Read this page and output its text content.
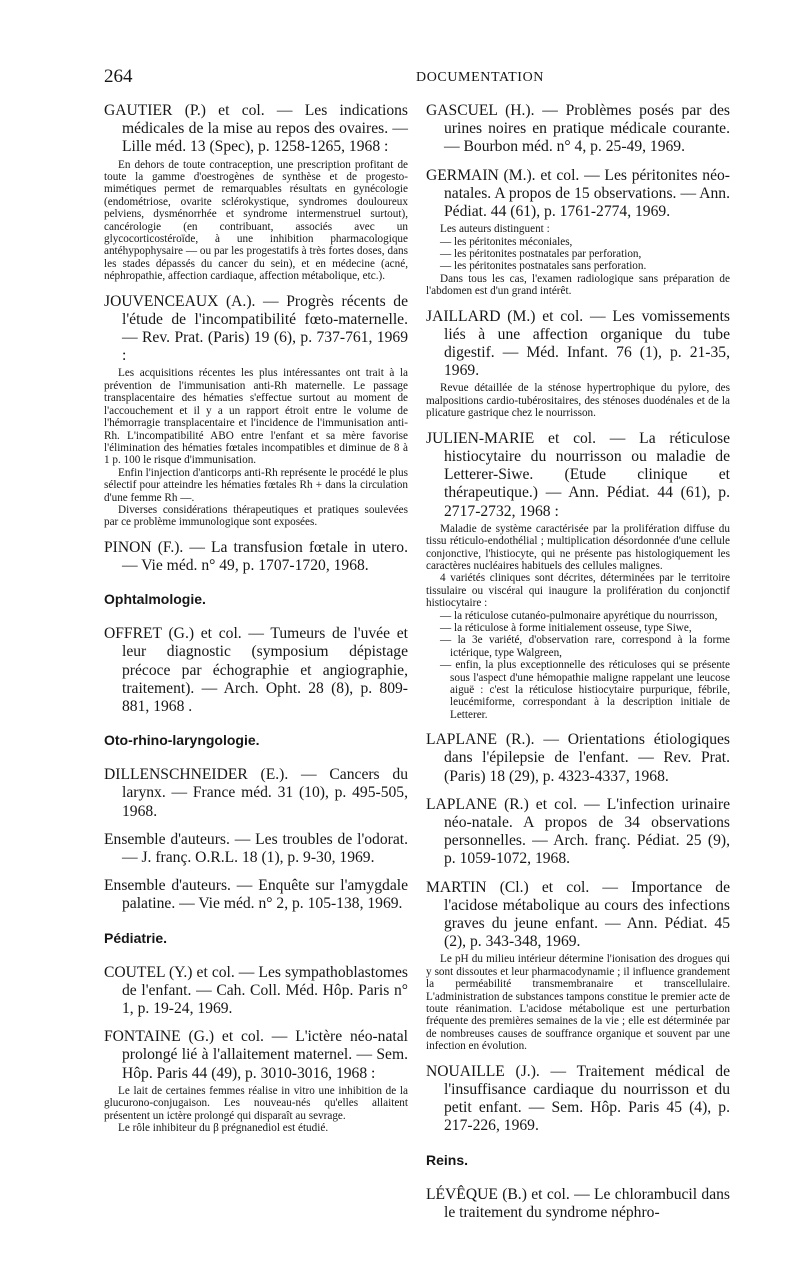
264	DOCUMENTATION

GAUTIER (P.) et col. — Les indications médicales de la mise au repos des ovaires. — Lille méd. 13 (Spec), p. 1258-1265, 1968 :

En dehors de toute contraception, une prescription profitant de toute la gamme d'oestrogènes de synthèse et de progesto-mimétiques permet de remarquables résultats en gynécologie (endométriose, ovarite sclérokystique, syndromes douloureux pelviens, dysménorrhée et syndrome intermenstruel surtout), cancérologie (en contribuant, associés avec un glycocorticostéroïde, à une inhibition pharmacologique antéhypophysaire — ou par les progestatifs à très fortes doses, dans les stades dépassés du cancer du sein), et en médecine (acné, néphropathie, affection cardiaque, affection métabolique, etc.).

JOUVENCEAUX (A.). — Progrès récents de l'étude de l'incompatibilité fœto-maternelle. — Rev. Prat. (Paris) 19 (6), p. 737-761, 1969 :

Les acquisitions récentes les plus intéressantes ont trait à la prévention de l'immunisation anti-Rh maternelle. Le passage transplacentaire des hématies s'effectue surtout au moment de l'accouchement et il y a un rapport étroit entre le volume de l'hémorragie transplacentaire et l'incidence de l'immunisation anti-Rh. L'incompatibilité ABO entre l'enfant et sa mère favorise l'élimination des hématies fœtales incompatibles et diminue de 8 à 1 p. 100 le risque d'immunisation.

Enfin l'injection d'anticorps anti-Rh représente le procédé le plus sélectif pour atteindre les hématies fœtales Rh + dans la circulation d'une femme Rh —.

Diverses considérations thérapeutiques et pratiques soulevées par ce problème immunologique sont exposées.

PINON (F.). — La transfusion fœtale in utero. — Vie méd. n° 49, p. 1707-1720, 1968.

Ophtalmologie.

OFFRET (G.) et col. — Tumeurs de l'uvée et leur diagnostic (symposium dépistage précoce par échographie et angiographie, traitement). — Arch. Opht. 28 (8), p. 809-881, 1968 .

Oto-rhino-laryngologie.

DILLENSCHNEIDER (E.). — Cancers du larynx. — France méd. 31 (10), p. 495-505, 1968.

Ensemble d'auteurs. — Les troubles de l'odorat. — J. franç. O.R.L. 18 (1), p. 9-30, 1969.

Ensemble d'auteurs. — Enquête sur l'amygdale palatine. — Vie méd. n° 2, p. 105-138, 1969.

Pédiatrie.

COUTEL (Y.) et col. — Les sympathoblastomes de l'enfant. — Cah. Coll. Méd. Hôp. Paris n° 1, p. 19-24, 1969.

FONTAINE (G.) et col. — L'ictère néo-natal prolongé lié à l'allaitement maternel. — Sem. Hôp. Paris 44 (49), p. 3010-3016, 1968 :

Le lait de certaines femmes réalise in vitro une inhibition de la glucurono-conjugaison. Les nouveau-nés qu'elles allaitent présentent un ictère prolongé qui disparaît au sevrage.

Le rôle inhibiteur du β prégnanediol est étudié.

GASCUEL (H.). — Problèmes posés par des urines noires en pratique médicale courante. — Bourbon méd. n° 4, p. 25-49, 1969.

GERMAIN (M.). et col. — Les péritonites néo-natales. A propos de 15 observations. — Ann. Pédiat. 44 (61), p. 1761-2774, 1969.

Les auteurs distinguent :

— les péritonites méconiales,
— les péritonites postnatales par perforation,
— les péritonites postnatales sans perforation.

Dans tous les cas, l'examen radiologique sans préparation de l'abdomen est d'un grand intérêt.

JAILLARD (M.) et col. — Les vomissements liés à une affection organique du tube digestif. — Méd. Infant. 76 (1), p. 21-35, 1969.

Revue détaillée de la sténose hypertrophique du pylore, des malpositions cardio-tubérositaires, des sténoses duodénales et de la plicature gastrique chez le nourrisson.

JULIEN-MARIE et col. — La réticulose histiocytaire du nourrisson ou maladie de Letterer-Siwe. (Etude clinique et thérapeutique.) — Ann. Pédiat. 44 (61), p. 2717-2732, 1968 :

Maladie de système caractérisée par la prolifération diffuse du tissu réticulo-endothélial ; multiplication désordonnée d'une cellule conjonctive, l'histiocyte, qui ne présente pas histologiquement les caractères nucléaires habituels des cellules malignes.

4 variétés cliniques sont décrites, déterminées par le territoire tissulaire ou viscéral qui inaugure la prolifération du conjonctif histiocytaire :

— la réticulose cutanéo-pulmonaire apyrétique du nourrisson,
— la réticulose à forme initialement osseuse, type Siwe,
— la 3e variété, d'observation rare, correspond à la forme ictérique, type Walgreen,
— enfin, la plus exceptionnelle des réticuloses qui se présente sous l'aspect d'une hémopathie maligne rappelant une leucose aiguë : c'est la réticulose histiocytaire purpurique, fébrile, leucémiforme, correspondant à la description initiale de Letterer.

LAPLANE (R.). — Orientations étiologiques dans l'épilepsie de l'enfant. — Rev. Prat. (Paris) 18 (29), p. 4323-4337, 1968.

LAPLANE (R.) et col. — L'infection urinaire néo-natale. A propos de 34 observations personnelles. — Arch. franç. Pédiat. 25 (9), p. 1059-1072, 1968.

MARTIN (Cl.) et col. — Importance de l'acidose métabolique au cours des infections graves du jeune enfant. — Ann. Pédiat. 45 (2), p. 343-348, 1969.

Le pH du milieu intérieur détermine l'ionisation des drogues qui y sont dissoutes et leur pharmacodynamie ; il influence grandement la perméabilité transmembranaire et transcellulaire. L'administration de substances tampons constitue le premier acte de toute réanimation. L'acidose métabolique est une perturbation fréquente des premières semaines de la vie ; elle est déterminée par de nombreuses causes de souffrance organique et souvent par une infection en évolution.

NOUAILLE (J.). — Traitement médical de l'insuffisance cardiaque du nourrisson et du petit enfant. — Sem. Hôp. Paris 45 (4), p. 217-226, 1969.

Reins.

LÉVÊQUE (B.) et col. — Le chlorambucil dans le traitement du syndrome néphro-
